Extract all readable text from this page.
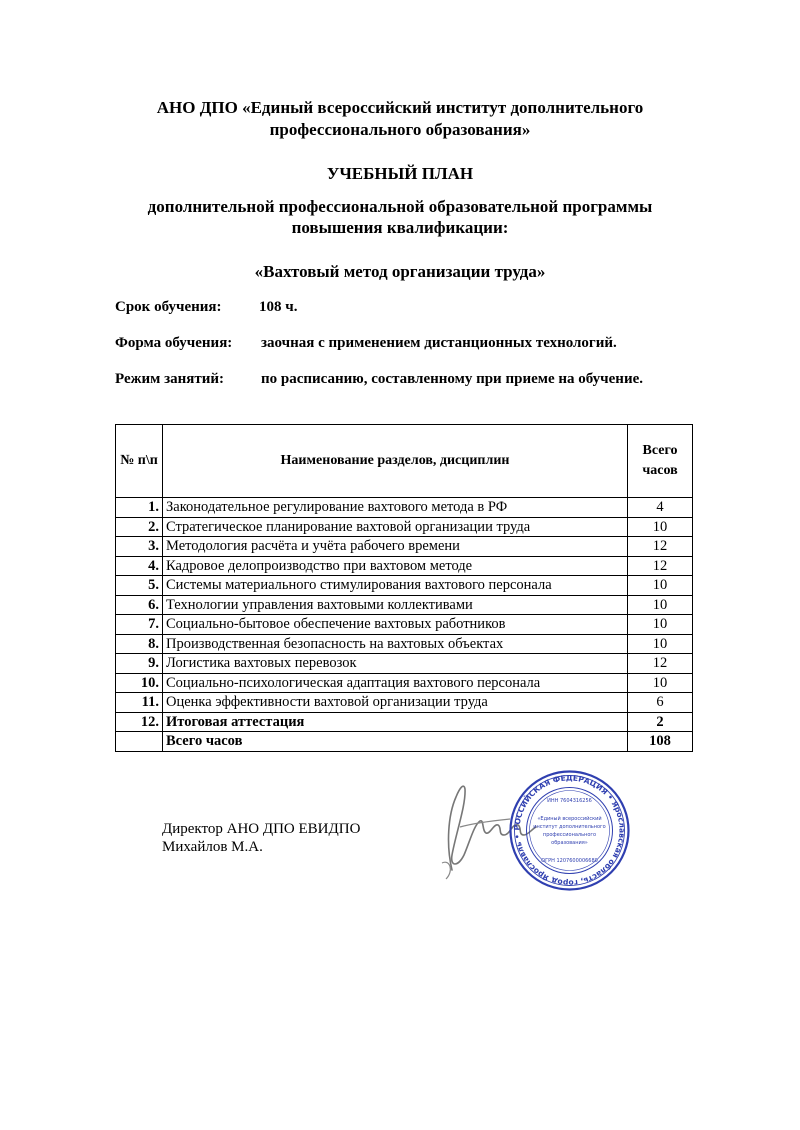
АНО ДПО «Единый всероссийский институт дополнительного
профессионального образования»
УЧЕБНЫЙ ПЛАН
дополнительной профессиональной образовательной программы
повышения квалификации:
«Вахтовый метод организации труда»
Срок обучения: 108 ч.
Форма обучения: заочная с применением дистанционных технологий.
Режим занятий: по расписанию, составленному при приеме на обучение.
№ п\п	Наименование разделов, дисциплин	Всего
часов
1.	Законодательное регулирование вахтового метода в РФ	4
2.	Стратегическое планирование вахтовой организации труда	10
3.	Методология расчёта и учёта рабочего времени	12
4.	Кадровое делопроизводство при вахтовом методе	12
5.	Системы материального стимулирования вахтового персонала	10
6.	Технологии управления вахтовыми коллективами	10
7.	Социально-бытовое обеспечение вахтовых работников	10
8.	Производственная безопасность на вахтовых объектах	10
9.	Логистика вахтовых перевозок	12
10.	Социально-психологическая адаптация вахтового персонала	10
11.	Оценка эффективности вахтовой организации труда	6
12.	Итоговая аттестация	2
	Всего часов	108
Директор АНО ДПО ЕВИДПО
Михайлов М.А.
РОССИЙСКАЯ ФЕДЕРАЦИЯ • Ярославская область, город Ярославль •
ИНН 7604316256
«Единый всероссийский
институт дополнительного
профессионального
образования»
ОГРН 1207600006680
